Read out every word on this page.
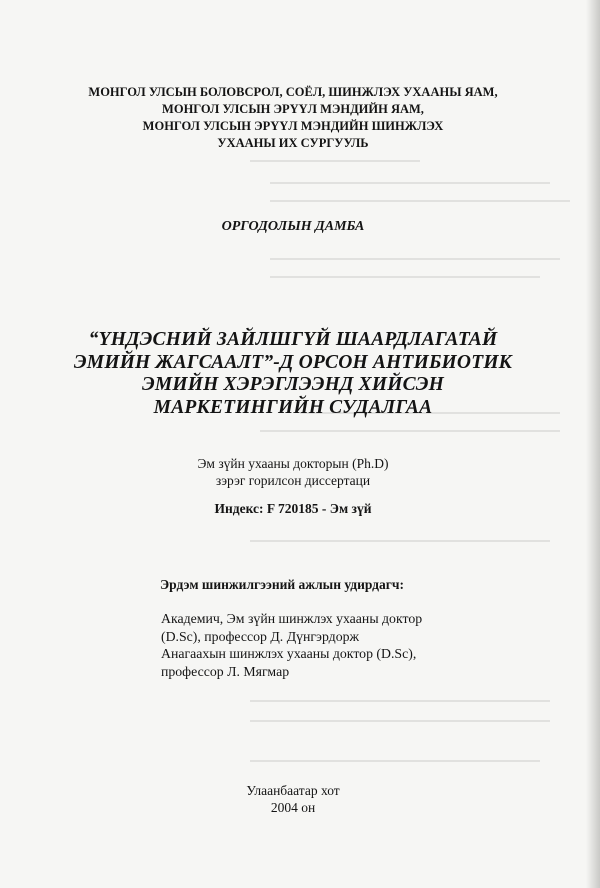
МОНГОЛ УЛСЫН БОЛОВСРОЛ, СОЁЛ, ШИНЖЛЭХ УХААНЫ ЯАМ,
МОНГОЛ УЛСЫН ЭРҮҮЛ МЭНДИЙН ЯАМ,
МОНГОЛ УЛСЫН ЭРҮҮЛ МЭНДИЙН ШИНЖЛЭХ
УХААНЫ ИХ СУРГУУЛЬ
ОРГОДОЛЫН ДАМБА
“ҮНДЭСНИЙ ЗАЙЛШГҮЙ ШААРДЛАГАТАЙ
ЭМИЙН ЖАГСААЛТ”-Д ОРСОН АНТИБИОТИК
ЭМИЙН ХЭРЭГЛЭЭНД ХИЙСЭН
МАРКЕТИНГИЙН СУДАЛГАА
Эм зүйн ухааны докторын (Ph.D)
зэрэг горилсон диссертаци
Индекс: F 720185 - Эм зүй
Эрдэм шинжилгээний ажлын удирдагч:
Академич, Эм зүйн шинжлэх ухааны доктор
(D.Sc), профессор Д. Дүнгэрдорж
Анагаахын шинжлэх ухааны доктор (D.Sc),
профессор Л. Мягмар
Улаанбаатар хот
2004 он
